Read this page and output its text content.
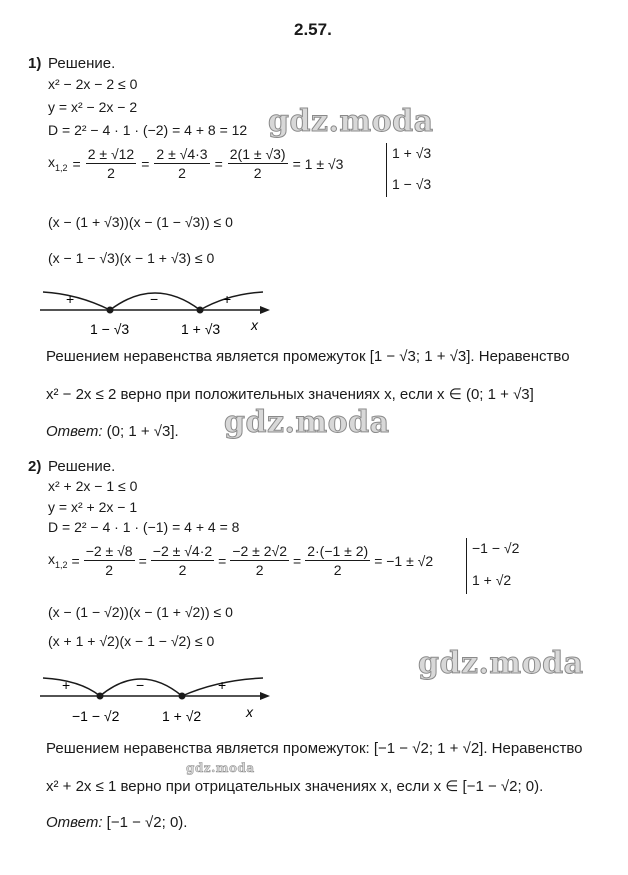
2.57.
1) Решение.
x² − 2x − 2 ≤ 0
y = x² − 2x − 2
D = 2² − 4 · 1 · (−2) = 4 + 8 = 12
$x_{1,2} = \frac{2 \pm √12}{2} = \frac{2 \pm √4\cdot 3}{2} = \frac{2(1 \pm √3)}{2} = 1 \pm √3$
1 + √3
1 − √3
(x − (1 + √3))(x − (1 − √3)) ≤ 0
(x − 1 − √3)(x − 1 + √3) ≤ 0
+	−	+
1 − √3	1 + √3 x
Решением неравенства является промежуток [1 − √3; 1 + √3]. Неравенство
x² − 2x ≤ 2 верно при положительных значениях x, если x ∈ (0; 1 + √3]
Ответ: (0; 1 + √3].
2) Решение.
x² + 2x − 1 ≤ 0
y = x² + 2x − 1
D = 2² − 4 · 1 · (−1) = 4 + 4 = 8
$x_{1,2} = \frac{-2 \pm √8}{2} = \frac{-2 \pm √4\cdot 2}{2} = \frac{-2 \pm 2√2}{2} = \frac{2\cdot(-1 \pm 2)}{2} = -1 \pm √2$
−1 − √2
1 + √2
(x − (1 − √2))(x − (1 + √2)) ≤ 0
(x + 1 + √2)(x − 1 − √2) ≤ 0
+	−	+
−1 − √2	1 + √2	x
Решением неравенства является промежуток: [−1 − √2; 1 + √2]. Неравенство
x² + 2x ≤ 1 верно при отрицательных значениях x, если x ∈ [−1 − √2; 0).
Ответ: [−1 − √2; 0).
gdz.moda
gdz.moda
gdz.moda
gdz.moda
